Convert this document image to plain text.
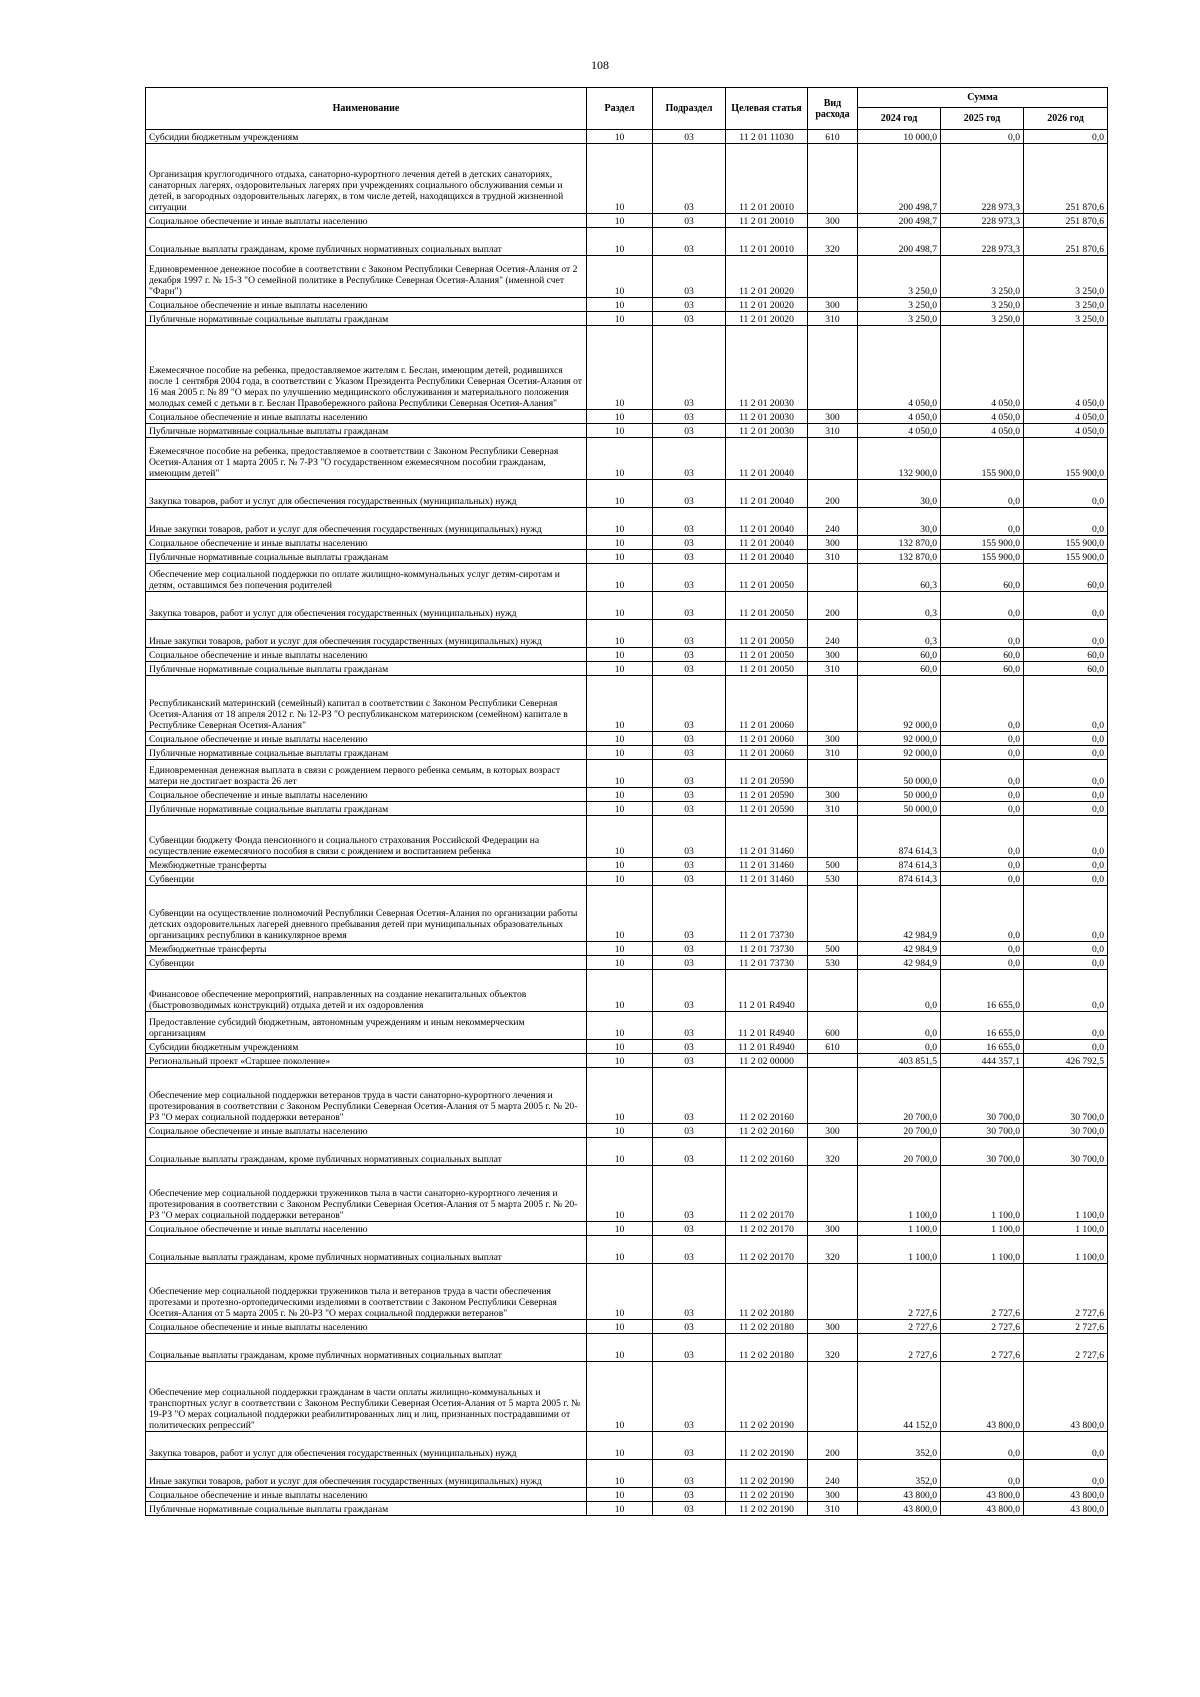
108
Наименование	Раздел	Подраздел	Целевая статья	Вид расхода	Сумма		
					2024 год	2025 год	2026 год
Субсидии бюджетным учреждениям	10	03	11 2 01 11030	610	10 000,0	0,0	0,0
Организация круглогодичного отдыха, санаторно-курортного лечения детей в детских санаториях, санаторных лагерях, оздоровительных лагерях при учреждениях социального обслуживания семьи и детей, в загородных оздоровительных лагерях, в том числе детей, находящихся в трудной жизненной ситуации	10	03	11 2 01 20010		200 498,7	228 973,3	251 870,6
Социальное обеспечение и иные выплаты населению	10	03	11 2 01 20010	300	200 498,7	228 973,3	251 870,6
Социальные выплаты гражданам, кроме публичных нормативных социальных выплат	10	03	11 2 01 20010	320	200 498,7	228 973,3	251 870,6
Единовременное денежное пособие в соответствии с Законом Республики Северная Осетия-Алания от 2 декабря 1997 г. № 15-З "О семейной политике в Республике Северная Осетия-Алания" (именной счет "Фарн")	10	03	11 2 01 20020		3 250,0	3 250,0	3 250,0
Социальное обеспечение и иные выплаты населению	10	03	11 2 01 20020	300	3 250,0	3 250,0	3 250,0
Публичные нормативные социальные выплаты гражданам	10	03	11 2 01 20020	310	3 250,0	3 250,0	3 250,0
Ежемесячное пособие на ребенка, предоставляемое жителям г. Беслан, имеющим детей, родившихся после 1 сентября 2004 года, в соответствии с Указом Президента Республики Северная Осетия-Алания от 16 мая 2005 г. № 89 "О мерах по улучшению медицинского обслуживания и материального положения молодых семей с детьми в г. Беслан Правобережного района Республики Северная Осетия-Алания"	10	03	11 2 01 20030		4 050,0	4 050,0	4 050,0
Социальное обеспечение и иные выплаты населению	10	03	11 2 01 20030	300	4 050,0	4 050,0	4 050,0
Публичные нормативные социальные выплаты гражданам	10	03	11 2 01 20030	310	4 050,0	4 050,0	4 050,0
Ежемесячное пособие на ребенка, предоставляемое в соответствии с Законом Республики Северная Осетия-Алания от 1 марта 2005 г. № 7-РЗ "О государственном ежемесячном пособии гражданам, имеющим детей"	10	03	11 2 01 20040		132 900,0	155 900,0	155 900,0
Закупка товаров, работ и услуг для обеспечения государственных (муниципальных) нужд	10	03	11 2 01 20040	200	30,0	0,0	0,0
Иные закупки товаров, работ и услуг для обеспечения государственных (муниципальных) нужд	10	03	11 2 01 20040	240	30,0	0,0	0,0
Социальное обеспечение и иные выплаты населению	10	03	11 2 01 20040	300	132 870,0	155 900,0	155 900,0
Публичные нормативные социальные выплаты гражданам	10	03	11 2 01 20040	310	132 870,0	155 900,0	155 900,0
Обеспечение мер социальной поддержки по оплате жилищно-коммунальных услуг детям-сиротам и детям, оставшимся без попечения родителей	10	03	11 2 01 20050		60,3	60,0	60,0
Закупка товаров, работ и услуг для обеспечения государственных (муниципальных) нужд	10	03	11 2 01 20050	200	0,3	0,0	0,0
Иные закупки товаров, работ и услуг для обеспечения государственных (муниципальных) нужд	10	03	11 2 01 20050	240	0,3	0,0	0,0
Социальное обеспечение и иные выплаты населению	10	03	11 2 01 20050	300	60,0	60,0	60,0
Публичные нормативные социальные выплаты гражданам	10	03	11 2 01 20050	310	60,0	60,0	60,0
Республиканский материнский (семейный) капитал в соответствии с Законом Республики Северная Осетия-Алания от 18 апреля 2012 г. № 12-РЗ "О республиканском материнском (семейном) капитале в Республике Северная Осетия-Алания"	10	03	11 2 01 20060		92 000,0	0,0	0,0
Социальное обеспечение и иные выплаты населению	10	03	11 2 01 20060	300	92 000,0	0,0	0,0
Публичные нормативные социальные выплаты гражданам	10	03	11 2 01 20060	310	92 000,0	0,0	0,0
Единовременная денежная выплата в связи с рождением первого ребенка семьям, в которых возраст матери не достигает возраста 26 лет	10	03	11 2 01 20590		50 000,0	0,0	0,0
Социальное обеспечение и иные выплаты населению	10	03	11 2 01 20590	300	50 000,0	0,0	0,0
Публичные нормативные социальные выплаты гражданам	10	03	11 2 01 20590	310	50 000,0	0,0	0,0
Субвенции бюджету Фонда пенсионного и социального страхования Российской Федерации на осуществление ежемесячного пособия в связи с рождением и воспитанием ребенка	10	03	11 2 01 31460		874 614,3	0,0	0,0
Межбюджетные трансферты	10	03	11 2 01 31460	500	874 614,3	0,0	0,0
Субвенции	10	03	11 2 01 31460	530	874 614,3	0,0	0,0
Субвенции на осуществление полномочий Республики Северная Осетия-Алания по организации работы детских оздоровительных лагерей дневного пребывания детей при муниципальных образовательных организациях республики в каникулярное время	10	03	11 2 01 73730		42 984,9	0,0	0,0
Межбюджетные трансферты	10	03	11 2 01 73730	500	42 984,9	0,0	0,0
Субвенции	10	03	11 2 01 73730	530	42 984,9	0,0	0,0
Финансовое обеспечение мероприятий, направленных на создание некапитальных объектов (быстровозводимых конструкций) отдыха детей и их оздоровления	10	03	11 2 01 R4940		0,0	16 655,0	0,0
Предоставление субсидий бюджетным, автономным учреждениям и иным некоммерческим организациям	10	03	11 2 01 R4940	600	0,0	16 655,0	0,0
Субсидии бюджетным учреждениям	10	03	11 2 01 R4940	610	0,0	16 655,0	0,0
Региональный проект «Старшее поколение»	10	03	11 2 02 00000		403 851,5	444 357,1	426 792,5
Обеспечение мер социальной поддержки ветеранов труда в части санаторно-курортного лечения и протезирования в соответствии с Законом Республики Северная Осетия-Алания от 5 марта 2005 г. № 20-РЗ "О мерах социальной поддержки ветеранов"	10	03	11 2 02 20160		20 700,0	30 700,0	30 700,0
Социальное обеспечение и иные выплаты населению	10	03	11 2 02 20160	300	20 700,0	30 700,0	30 700,0
Социальные выплаты гражданам, кроме публичных нормативных социальных выплат	10	03	11 2 02 20160	320	20 700,0	30 700,0	30 700,0
Обеспечение мер социальной поддержки тружеников тыла в части санаторно-курортного лечения и протезирования в соответствии с Законом Республики Северная Осетия-Алания от 5 марта 2005 г. № 20-РЗ "О мерах социальной поддержки ветеранов"	10	03	11 2 02 20170		1 100,0	1 100,0	1 100,0
Социальное обеспечение и иные выплаты населению	10	03	11 2 02 20170	300	1 100,0	1 100,0	1 100,0
Социальные выплаты гражданам, кроме публичных нормативных социальных выплат	10	03	11 2 02 20170	320	1 100,0	1 100,0	1 100,0
Обеспечение мер социальной поддержки тружеников тыла и ветеранов труда в части обеспечения протезами и протезно-ортопедическими изделиями в соответствии с Законом Республики Северная Осетия-Алания от 5 марта 2005 г. № 20-РЗ "О мерах социальной поддержки ветеранов"	10	03	11 2 02 20180		2 727,6	2 727,6	2 727,6
Социальное обеспечение и иные выплаты населению	10	03	11 2 02 20180	300	2 727,6	2 727,6	2 727,6
Социальные выплаты гражданам, кроме публичных нормативных социальных выплат	10	03	11 2 02 20180	320	2 727,6	2 727,6	2 727,6
Обеспечение мер социальной поддержки гражданам в части оплаты жилищно-коммунальных и транспортных услуг в соответствии с Законом Республики Северная Осетия-Алания от 5 марта 2005 г. № 19-РЗ "О мерах социальной поддержки реабилитированных лиц и лиц, признанных пострадавшими от политических репрессий"	10	03	11 2 02 20190		44 152,0	43 800,0	43 800,0
Закупка товаров, работ и услуг для обеспечения государственных (муниципальных) нужд	10	03	11 2 02 20190	200	352,0	0,0	0,0
Иные закупки товаров, работ и услуг для обеспечения государственных (муниципальных) нужд	10	03	11 2 02 20190	240	352,0	0,0	0,0
Социальное обеспечение и иные выплаты населению	10	03	11 2 02 20190	300	43 800,0	43 800,0	43 800,0
Публичные нормативные социальные выплаты гражданам	10	03	11 2 02 20190	310	43 800,0	43 800,0	43 800,0
